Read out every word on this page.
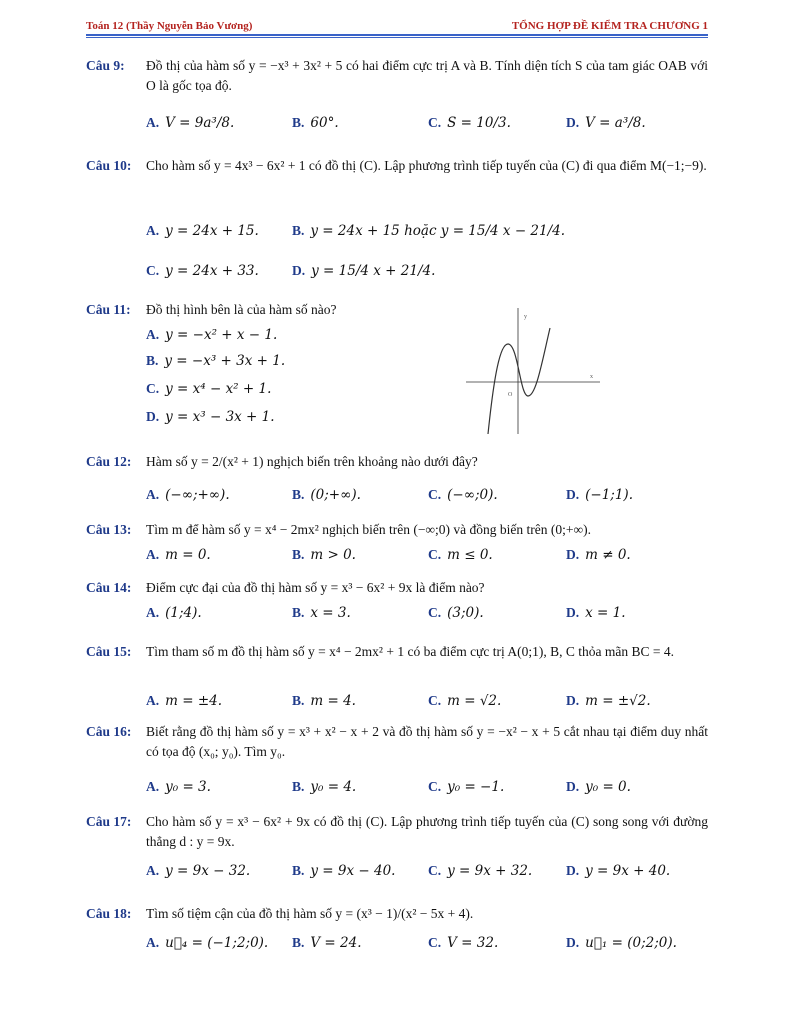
Toán 12 (Thầy Nguyễn Bảo Vương)	TỔNG HỢP ĐỀ KIỂM TRA CHƯƠNG 1
Câu 9: Đồ thị của hàm số y = −x³ + 3x² + 5 có hai điểm cực trị A và B. Tính diện tích S của tam giác OAB với O là gốc tọa độ.
A. V = 9a³/8.	B. 60°.	C. S = 10/3.	D. V = a³/8.
Câu 10: Cho hàm số y = 4x³ − 6x² + 1 có đồ thị (C). Lập phương trình tiếp tuyến của (C) đi qua điểm M(−1;−9).
A. y = 24x + 15. B. y = 24x + 15 hoặc y = 15/4 x − 21/4.
C. y = 24x + 33. D. y = 15/4 x + 21/4.
Câu 11: Đồ thị hình bên là của hàm số nào?
A. y = −x² + x − 1.
B. y = −x³ + 3x + 1.
C. y = x⁴ − x² + 1.
D. y = x³ − 3x + 1.
y
x
O
Câu 12: Hàm số y = 2/(x² + 1) nghịch biến trên khoảng nào dưới đây?
A. (−∞;+∞).	B. (0;+∞).	C. (−∞;0).	D. (−1;1).
Câu 13: Tìm m để hàm số y = x⁴ − 2mx² nghịch biến trên (−∞;0) và đồng biến trên (0;+∞).
A. m = 0.	B. m > 0.	C. m ≤ 0.	D. m ≠ 0.
Câu 14: Điểm cực đại của đồ thị hàm số y = x³ − 6x² + 9x là điểm nào?
A. (1;4).	B. x = 3.	C. (3;0).	D. x = 1.
Câu 15: Tìm tham số m đồ thị hàm số y = x⁴ − 2mx² + 1 có ba điểm cực trị A(0;1), B, C thỏa mãn BC = 4.
A. m = ±4.	B. m = 4.	C. m = √2.	D. m = ±√2.
Câu 16: Biết rằng đồ thị hàm số y = x³ + x² − x + 2 và đồ thị hàm số y = −x² − x + 5 cắt nhau tại điểm duy nhất có tọa độ (x₀; y₀). Tìm y₀.
A. y₀ = 3.	B. y₀ = 4.	C. y₀ = −1.	D. y₀ = 0.
Câu 17: Cho hàm số y = x³ − 6x² + 9x có đồ thị (C). Lập phương trình tiếp tuyến của (C) song song với đường thẳng d : y = 9x.
A. y = 9x − 32.	B. y = 9x − 40. C. y = 9x + 32.	D. y = 9x + 40.
Câu 18: Tìm số tiệm cận của đồ thị hàm số y = (x³ − 1)/(x² − 5x + 4).
A. u⃗₄ = (−1;2;0). B. V = 24.	C. V = 32.	D. u⃗₁ = (0;2;0).
